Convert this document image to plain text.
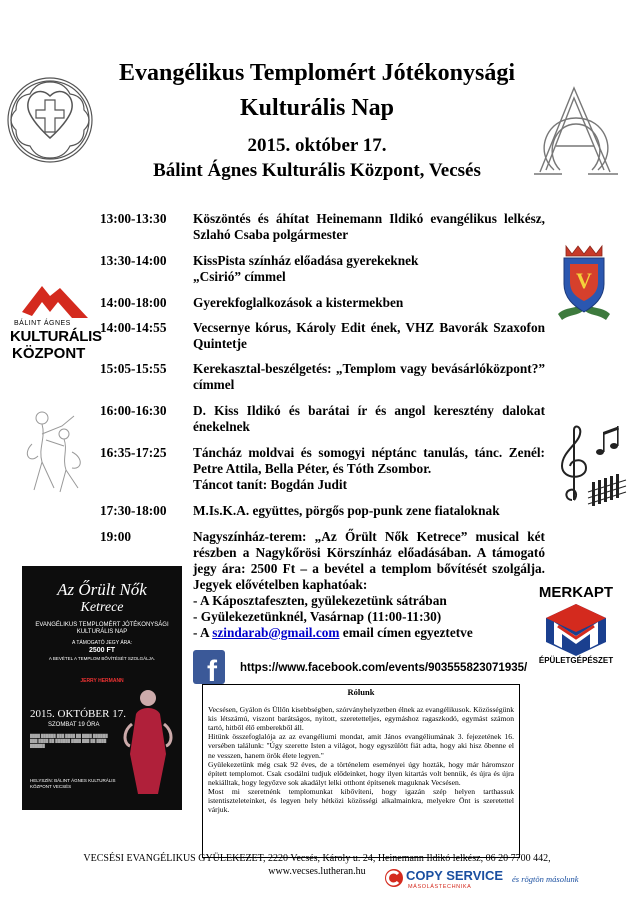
Evangélikus Templomért Jótékonysági
Kulturális Nap
2015. október 17.
Bálint Ágnes Kulturális Központ, Vecsés
13:00-13:30	Köszöntés és áhítat Heinemann Ildikó evangélikus lelkész, Szlahó Csaba polgármester
13:30-14:00	KissPista színház előadása gyerekeknek
„Csirió” címmel
14:00-18:00	Gyerekfoglalkozások a kistermekben
14:00-14:55	Vecsernye kórus, Károly Edit ének, VHZ Bavorák Szaxofon Quintetje
15:05-15:55	Kerekasztal-beszélgetés: „Templom vagy bevásárlóközpont?” címmel
16:00-16:30	D. Kiss Ildikó és barátai ír és angol keresztény dalokat énekelnek
16:35-17:25	Táncház moldvai és somogyi néptánc tanulás, tánc. Zenél: Petre Attila, Bella Péter, és Tóth Zsombor.

Táncot tanít: Bogdán Judit
17:30-18:00	M.Is.K.A. együttes, pörgős pop-punk zene fiataloknak
19:00	Nagyszínház-terem: „Az Őrült Nők Ketrece” musical két részben a Nagykőrösi Körszínház előadásában. A támogató jegy ára: 2500 Ft – a bevétel a templom bővítését szolgálja. Jegyek elővételben kaphatóak:
- A Káposztafeszten, gyülekezetünk sátrában
- Gyülekezetünknél, Vasárnap (11:00-11:30)
- A szindarab@gmail.com email címen egyeztetve
V
BÁLINT ÁGNES
KULTURÁLIS
KÖZPONT
Az Őrült Nők
Ketrece
EVANGÉLIKUS TEMPLOMÉRT JÓTÉKONYSÁGI KULTURÁLIS NAP
A TÁMOGATÓ JEGY ÁRA:
2500 FT
A BEVÉTEL A TEMPLOM BŐVÍTÉSÉT SZOLGÁLJA.
JERRY HERMANN
2015. OKTÓBER 17.
SZOMBAT 19 ÓRA
████ ██████ ███ ████ ██ ████ ██████ ███ ████ ██ ██████ ████ ███ ██ ████ ██████
HELYSZÍN: BÁLINT ÁGNES KULTURÁLIS KÖZPONT VECSÉS
f https://www.facebook.com/events/903555823071935/
MERKAPT
ÉPÜLETGÉPÉSZET
Rólunk
Vecsésen, Gyálon és Üllőn kisebbségben, szórványhelyzetben élnek az evangélikusok. Közösségünk kis létszámú, viszont barátságos, nyitott, szeretetteljes, egymáshoz ragaszkodó, egymást számon tartó, hitből élő emberekből áll.
Hitünk összefoglalója az az evangéliumi mondat, amit János evangéliumának 3. fejezetének 16. versében találunk: "Úgy szerette Isten a világot, hogy egyszülött fiát adta, hogy aki hisz őbenne el ne vesszen, hanem örök élete legyen."
Gyülekezetünk még csak 92 éves, de a történelem eseményei úgy hozták, hogy már háromszor épített templomot. Csak csodálni tudjuk elődeinket, hogy ilyen kitartás volt bennük, és újra és újra nekiálltak, hogy legyőzve sok akadályt lelki otthont építsenek maguknak Vecsésen.
Most mi szeretnénk templomunkat kibővíteni, hogy igazán szép helyen tarthassuk istentiszteleteinket, és legyen hely hétközi közösségi alkalmainkra, melyekre Önt is szeretettel várjuk.
VECSÉSI EVANGÉLIKUS GYÜLEKEZET, 2220 Vecsés, Károly u. 24, Heinemann Ildikó lelkész, 06 20 7700 442,
www.vecses.lutheran.hu	COPY SERVICE
MÁSOLÁSTECHNIKA
és rögtön másolunk
